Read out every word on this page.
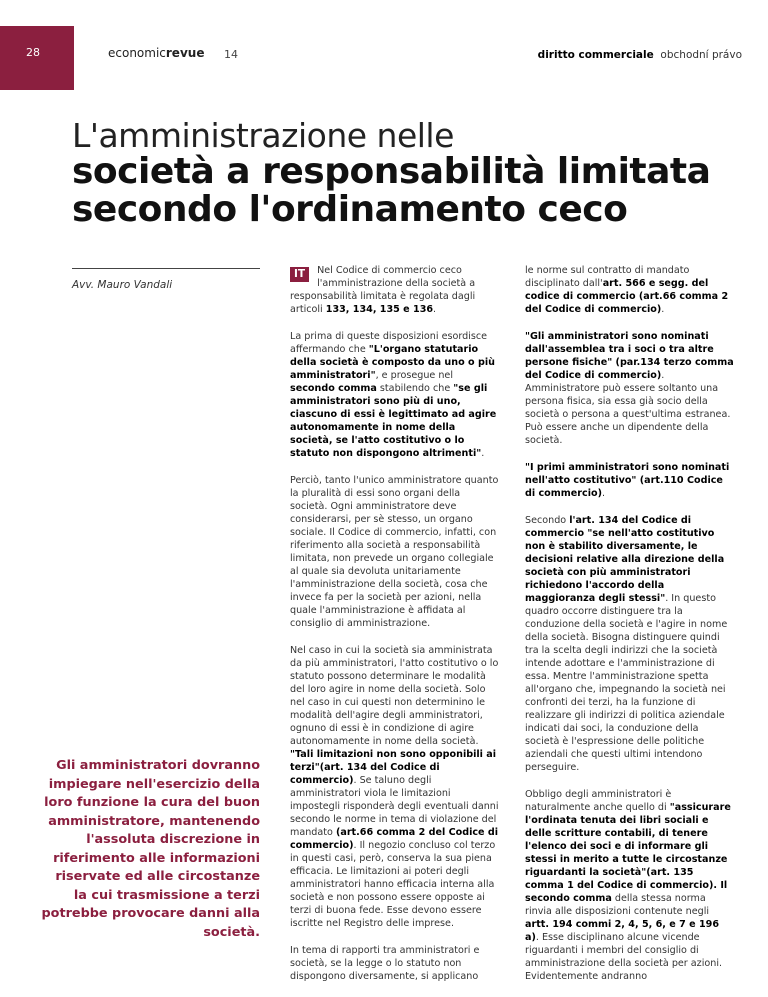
28	economicrevue 14	diritto commerciale obchodní právo
L'amministrazione nelle
società a responsabilità limitata
secondo l'ordinamento ceco
Avv. Mauro Vandali
Gli amministratori dovranno impiegare nell'esercizio della loro funzione la cura del buon amministratore, mantenendo l'assoluta discrezione in riferimento alle informazioni riservate ed alle circostanze la cui trasmissione a terzi potrebbe provocare danni alla società.

IT	Nel Codice di commercio ceco l'amministrazione della società a responsabilità limitata è regolata dagli articoli 133, 134, 135 e 136.

La prima di queste disposizioni esordisce affermando che "L'organo statutario della società è composto da uno o più amministratori", e prosegue nel secondo comma stabilendo che "se gli amministratori sono più di uno, ciascuno di essi è legittimato ad agire autonomamente in nome della società, se l'atto costitutivo o lo statuto non dispongono altrimenti".

Perciò, tanto l'unico amministratore quanto la pluralità di essi sono organi della società. Ogni amministratore deve considerarsi, per sè stesso, un organo sociale. Il Codice di commercio, infatti, con riferimento alla società a responsabilità limitata, non prevede un organo collegiale al quale sia devoluta unitariamente l'amministrazione della società, cosa che invece fa per la società per azioni, nella quale l'amministrazione è affidata al consiglio di amministrazione.

Nel caso in cui la società sia amministrata da più amministratori, l'atto costitutivo o lo statuto possono determinare le modalità del loro agire in nome della società. Solo nel caso in cui questi non determinino le modalità dell'agire degli amministratori, ognuno di essi è in condizione di agire autonomamente in nome della società. "Tali limitazioni non sono opponibili ai terzi"(art. 134 del Codice di commercio). Se taluno degli amministratori viola le limitazioni impostegli risponderà degli eventuali danni secondo le norme in tema di violazione del mandato (art.66 comma 2 del Codice di commercio). Il negozio concluso col terzo in questi casi, però, conserva la sua piena efficacia. Le limitazioni ai poteri degli amministratori hanno efficacia interna alla società e non possono essere opposte ai terzi di buona fede. Esse devono essere iscritte nel Registro delle imprese.

In tema di rapporti tra amministratori e società, se la legge o lo statuto non dispongono diversamente, si applicano

le norme sul contratto di mandato disciplinato dall'art. 566 e segg. del codice di commercio (art.66 comma 2 del Codice di commercio).

"Gli amministratori sono nominati dall'assemblea tra i soci o tra altre persone fisiche" (par.134 terzo comma del Codice di commercio). Amministratore può essere soltanto una persona fisica, sia essa già socio della società o persona a quest'ultima estranea. Può essere anche un dipendente della società.

"I primi amministratori sono nominati nell'atto costitutivo" (art.110 Codice di commercio).

Secondo l'art. 134 del Codice di commercio "se nell'atto costitutivo non è stabilito diversamente, le decisioni relative alla direzione della società con più amministratori richiedono l'accordo della maggioranza degli stessi". In questo quadro occorre distinguere tra la conduzione della società e l'agire in nome della società. Bisogna distinguere quindi tra la scelta degli indirizzi che la società intende adottare e l'amministrazione di essa. Mentre l'amministrazione spetta all'organo che, impegnando la società nei confronti dei terzi, ha la funzione di realizzare gli indirizzi di politica aziendale indicati dai soci, la conduzione della società è l'espressione delle politiche aziendali che questi ultimi intendono perseguire.

Obbligo degli amministratori è naturalmente anche quello di "assicurare l'ordinata tenuta dei libri sociali e delle scritture contabili, di tenere l'elenco dei soci e di informare gli stessi in merito a tutte le circostanze riguardanti la società"(art. 135 comma 1 del Codice di commercio). Il secondo comma della stessa norma rinvia alle disposizioni contenute negli artt. 194 commi 2, 4, 5, 6, e 7 e 196 a). Esse disciplinano alcune vicende riguardanti i membri del consiglio di amministrazione della società per azioni. Evidentemente andranno
